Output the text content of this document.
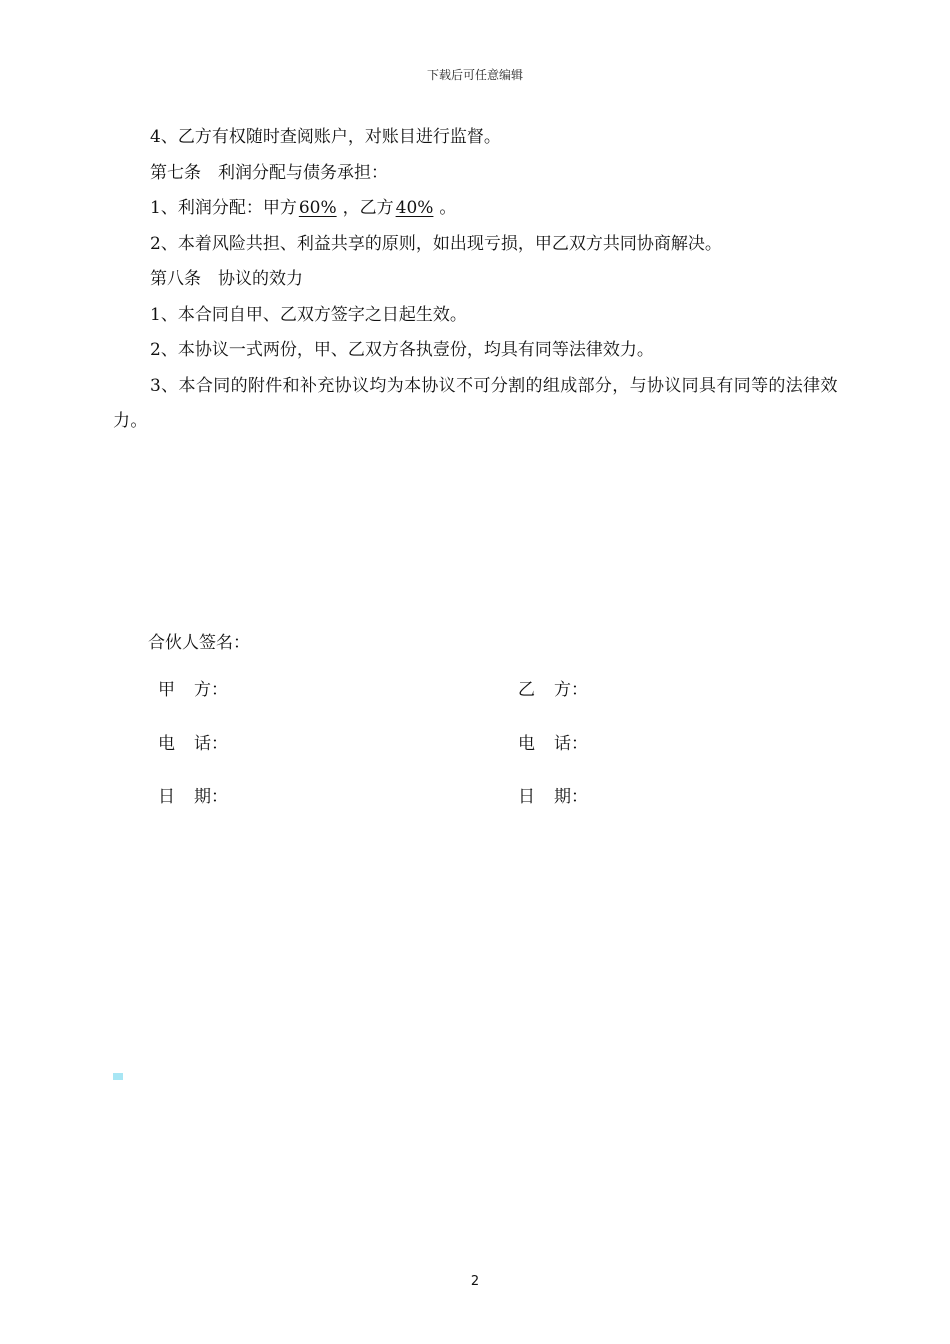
下载后可任意编辑

4、乙方有权随时查阅账户，对账目进行监督。

第七条　利润分配与债务承担：

1、利润分配：甲方 60% ，乙方 40% 。

2、本着风险共担、利益共享的原则，如出现亏损，甲乙双方共同协商解决。

第八条　协议的效力

1、本合同自甲、乙双方签字之日起生效。

2、本协议一式两份，甲、乙双方各执壹份，均具有同等法律效力。

3、本合同的附件和补充协议均为本协议不可分割的组成部分，与协议同具有同等的法律效力。

合伙人签名：
甲 方：	乙 方：
电 话：	电 话：
日 期：	日 期：
2
